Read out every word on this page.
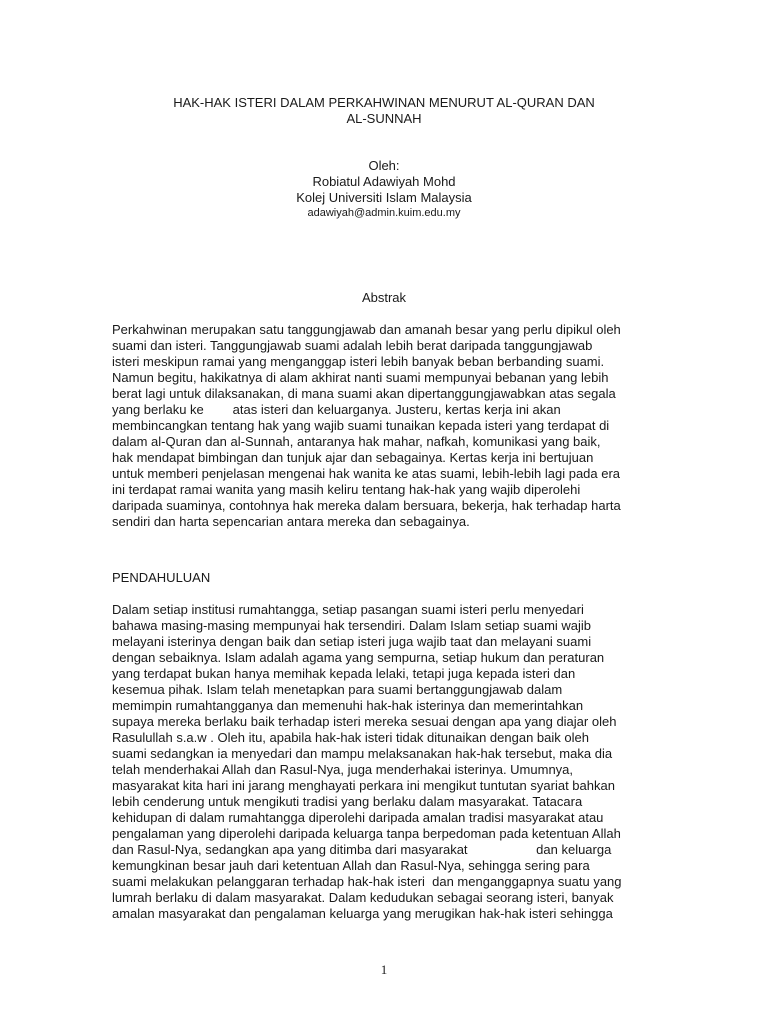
HAK-HAK ISTERI DALAM PERKAHWINAN MENURUT AL-QURAN DAN
AL-SUNNAH
Oleh:
Robiatul Adawiyah Mohd
Kolej Universiti Islam Malaysia
adawiyah@admin.kuim.edu.my
Abstrak
Perkahwinan merupakan satu tanggungjawab dan amanah besar yang perlu dipikul oleh
suami dan isteri. Tanggungjawab suami adalah lebih berat daripada tanggungjawab
isteri meskipun ramai yang menganggap isteri lebih banyak beban berbanding suami.
Namun begitu, hakikatnya di alam akhirat nanti suami mempunyai bebanan yang lebih
berat lagi untuk dilaksanakan, di mana suami akan dipertanggungjawabkan atas segala
yang berlaku ke        atas isteri dan keluarganya. Justeru, kertas kerja ini akan
membincangkan tentang hak yang wajib suami tunaikan kepada isteri yang terdapat di
dalam al-Quran dan al-Sunnah, antaranya hak mahar, nafkah, komunikasi yang baik,
hak mendapat bimbingan dan tunjuk ajar dan sebagainya. Kertas kerja ini bertujuan
untuk memberi penjelasan mengenai hak wanita ke atas suami, lebih-lebih lagi pada era
ini terdapat ramai wanita yang masih keliru tentang hak-hak yang wajib diperolehi
daripada suaminya, contohnya hak mereka dalam bersuara, bekerja, hak terhadap harta
sendiri dan harta sepencarian antara mereka dan sebagainya.
PENDAHULUAN
Dalam setiap institusi rumahtangga, setiap pasangan suami isteri perlu menyedari
bahawa masing-masing mempunyai hak tersendiri. Dalam Islam setiap suami wajib
melayani isterinya dengan baik dan setiap isteri juga wajib taat dan melayani suami
dengan sebaiknya. Islam adalah agama yang sempurna, setiap hukum dan peraturan
yang terdapat bukan hanya memihak kepada lelaki, tetapi juga kepada isteri dan
kesemua pihak. Islam telah menetapkan para suami bertanggungjawab dalam
memimpin rumahtangganya dan memenuhi hak-hak isterinya dan memerintahkan
supaya mereka berlaku baik terhadap isteri mereka sesuai dengan apa yang diajar oleh
Rasulullah s.a.w . Oleh itu, apabila hak-hak isteri tidak ditunaikan dengan baik oleh
suami sedangkan ia menyedari dan mampu melaksanakan hak-hak tersebut, maka dia
telah menderhakai Allah dan Rasul-Nya, juga menderhakai isterinya. Umumnya,
masyarakat kita hari ini jarang menghayati perkara ini mengikut tuntutan syariat bahkan
lebih cenderung untuk mengikuti tradisi yang berlaku dalam masyarakat. Tatacara
kehidupan di dalam rumahtangga diperolehi daripada amalan tradisi masyarakat atau
pengalaman yang diperolehi daripada keluarga tanpa berpedoman pada ketentuan Allah
dan Rasul-Nya, sedangkan apa yang ditimba dari masyarakat                   dan keluarga
kemungkinan besar jauh dari ketentuan Allah dan Rasul-Nya, sehingga sering para
suami melakukan pelanggaran terhadap hak-hak isteri  dan menganggapnya suatu yang
lumrah berlaku di dalam masyarakat. Dalam kedudukan sebagai seorang isteri, banyak
amalan masyarakat dan pengalaman keluarga yang merugikan hak-hak isteri sehingga
1
